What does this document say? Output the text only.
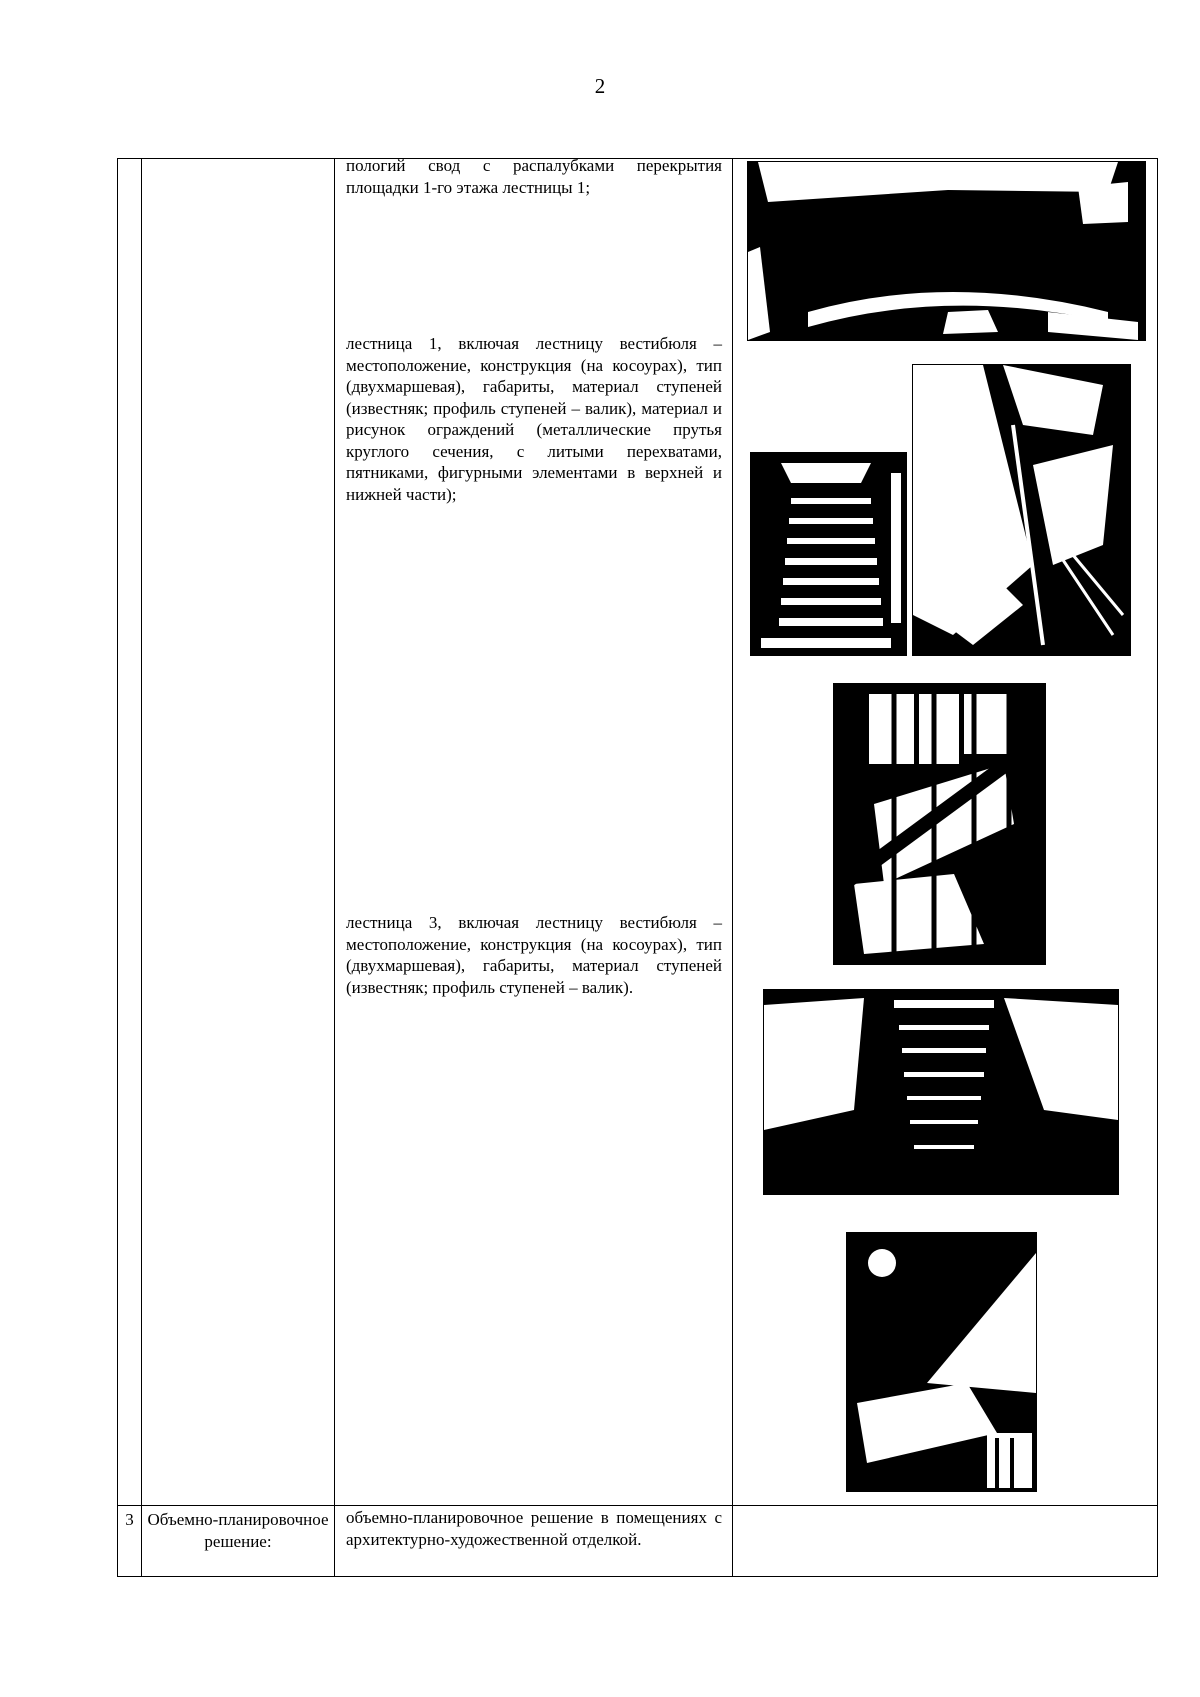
2

		пологий свод с распалубками перекрытия площадки 1-го этажа лестницы 1;
лестница 1, включая лестницу вестибюля – местоположение, конструкция (на косоурах), тип (двухмаршевая), габариты, материал ступеней (известняк; профиль ступеней – валик), материал и рисунок ограждений (металлические прутья круглого сечения, с литыми перехватами, пятниками, фигурными элементами в верхней и нижней части);
лестница 3, включая лестницу вестибюля – местоположение, конструкция (на косоурах), тип (двухмаршевая), габариты, материал ступеней (известняк; профиль ступеней – валик).

3	Объемно-планировочное решение:	объемно-планировочное решение в помещениях с архитектурно-художественной отделкой.	
